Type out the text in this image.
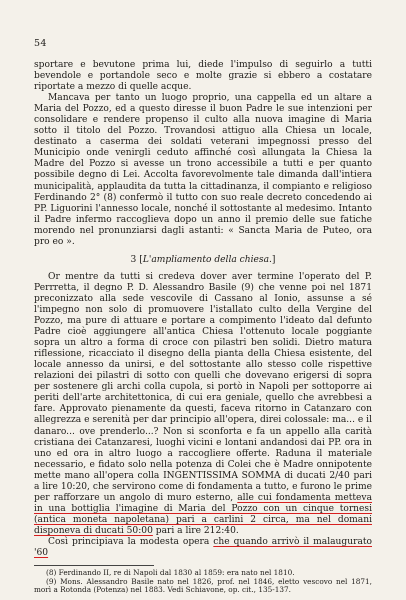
54

sportare e bevutone prima lui, diede l'impulso di seguirlo a tutti bevendole e portandole seco e molte grazie si ebbero a costatare riportate a mezzo di quelle acque.

Mancava per tanto un luogo proprio, una cappella ed un altare a Maria del Pozzo, ed a questo diresse il buon Padre le sue intenzioni per consolidare e rendere propenso il culto alla nuova imagine di Maria sotto il titolo del Pozzo. Trovandosi attiguo alla Chiesa un locale, destinato a caserma dei soldati veterani impegnossi presso del Municipio onde venirgli ceduto affinché così allungata la Chiesa la Madre del Pozzo si avesse un trono accessibile a tutti e per quanto possibile degno di Lei. Accolta favorevolmente tale dimanda dall'intiera municipalità, applaudita da tutta la cittadinanza, il compianto e religioso Ferdinando 2° (8) confermò il tutto con suo reale decreto concedendo ai PP. Liguorini l'annesso locale, nonché il sottostante al medesimo. Intanto il Padre infermo raccoglieva dopo un anno il premio delle sue fatiche morendo nel pronunziarsi dagli astanti: « Sancta Maria de Puteo, ora pro eo ».

3 [L'ampliamento della chiesa.]

Or mentre da tutti si credeva dover aver termine l'operato del P. Perrretta, il degno P. D. Alessandro Basile (9) che venne poi nel 1871 preconizzato alla sede vescovile di Cassano al Ionio, assunse a sé l'impegno non solo di promuovere l'istallato culto della Vergine del Pozzo, ma pure di attuare e portare a compimento l'ideato dal defunto Padre cioè aggiungere all'antica Chiesa l'ottenuto locale poggiante sopra un altro a forma di croce con pilastri ben solidi. Dietro matura riflessione, ricacciato il disegno della pianta della Chiesa esistente, del locale annesso da unirsi, e del sottostante allo stesso colle rispettive relazioni dei pilastri di sotto con quelli che dovevano erigersi di sopra per sostenere gli archi colla cupola, si portò in Napoli per sottoporre ai periti dell'arte architettonica, di cui era geniale, quello che avrebbesi a fare. Approvato pienamente da questi, faceva ritorno in Catanzaro con allegrezza e serenità per dar principio all'opera, direi colossale: ma... e il danaro... ove prenderlo...? Non si sconforta e fa un appello alla carità cristiana dei Catanzaresi, luoghi vicini e lontani andandosi dai PP. ora in uno ed ora in altro luogo a raccogliere offerte. Raduna il materiale necessario, e fidato solo nella potenza di Colei che è Madre onnipotente mette mano all'opera colla INGENTISSIMA SOMMA di ducati 2/40 pari a lire 10:20, che servirono come di fondamenta a tutto, e furono le prime per rafforzare un angolo di muro esterno, alle cui fondamenta metteva in una bottiglia l'imagine di Maria del Pozzo con un cinque tornesi (antica moneta napoletana) pari a carlini 2 circa, ma nel domani disponeva di ducati 50:00 pari a lire 212:40.

Così principiava la modesta opera che quando arrivò il malaugurato '60

(8) Ferdinando II, re di Napoli dal 1830 al 1859: era nato nel 1810.

(9) Mons. Alessandro Basile nato nel 1826, prof. nel 1846, eletto vescovo nel 1871, morì a Rotonda (Potenza) nel 1883. Vedi Schiavone, op. cit., 135-137.
